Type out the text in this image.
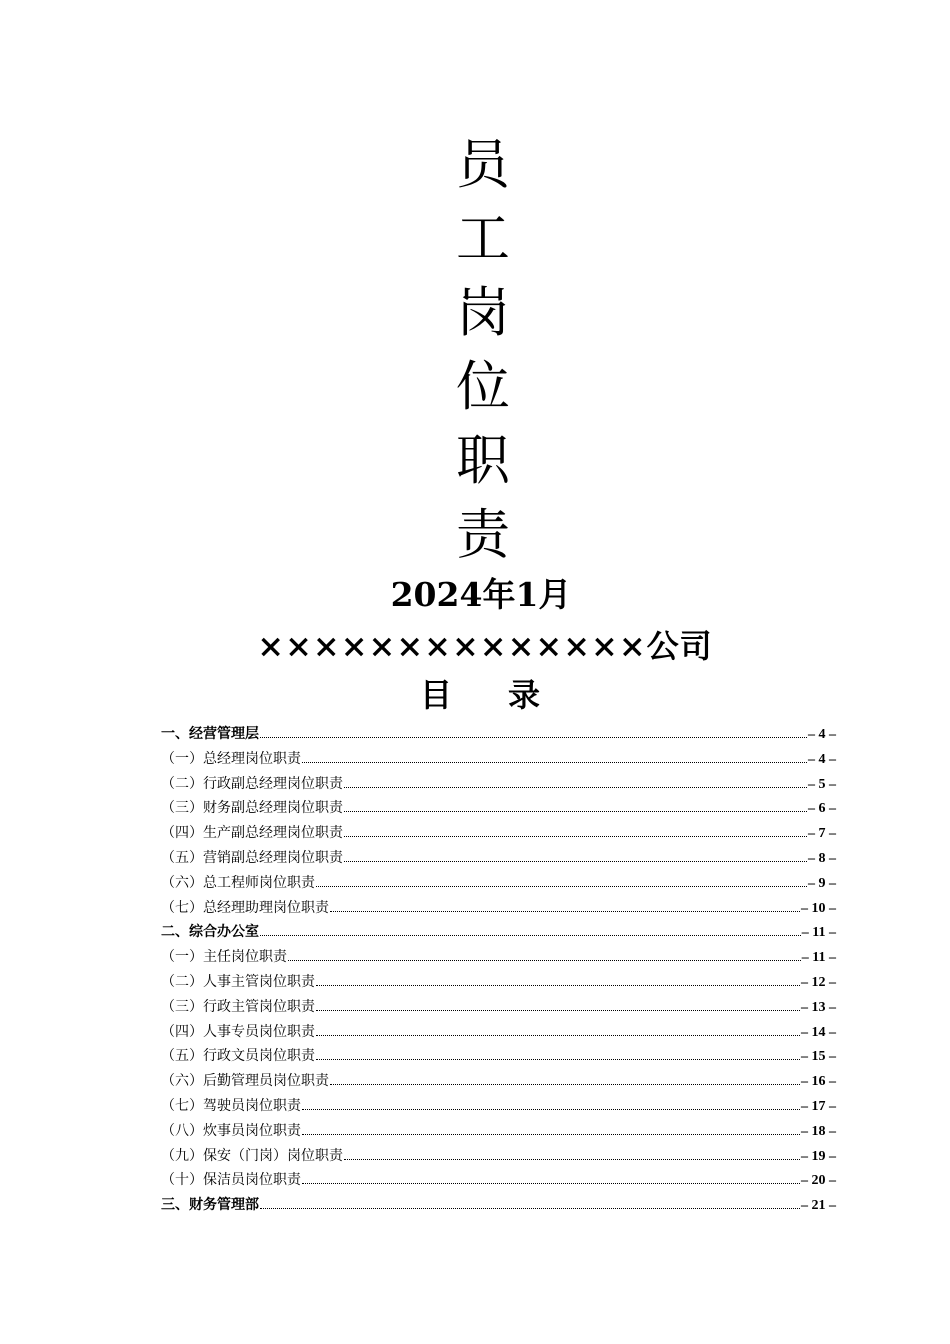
员
工
岗
位
职
责
2024年1月
××××××××××××××公司
目 录
一、经营管理层	– 4 –
（一）总经理岗位职责	– 4 –
（二）行政副总经理岗位职责	– 5 –
（三）财务副总经理岗位职责	– 6 –
（四）生产副总经理岗位职责	– 7 –
（五）营销副总经理岗位职责	– 8 –
（六）总工程师岗位职责	– 9 –
（七）总经理助理岗位职责	– 10 –
二、综合办公室	– 11 –
（一）主任岗位职责	– 11 –
（二）人事主管岗位职责	– 12 –
（三）行政主管岗位职责	– 13 –
（四）人事专员岗位职责	– 14 –
（五）行政文员岗位职责	– 15 –
（六）后勤管理员岗位职责	– 16 –
（七）驾驶员岗位职责	– 17 –
（八）炊事员岗位职责	– 18 –
（九）保安（门岗）岗位职责	– 19 –
（十）保洁员岗位职责	– 20 –
三、财务管理部	– 21 –
